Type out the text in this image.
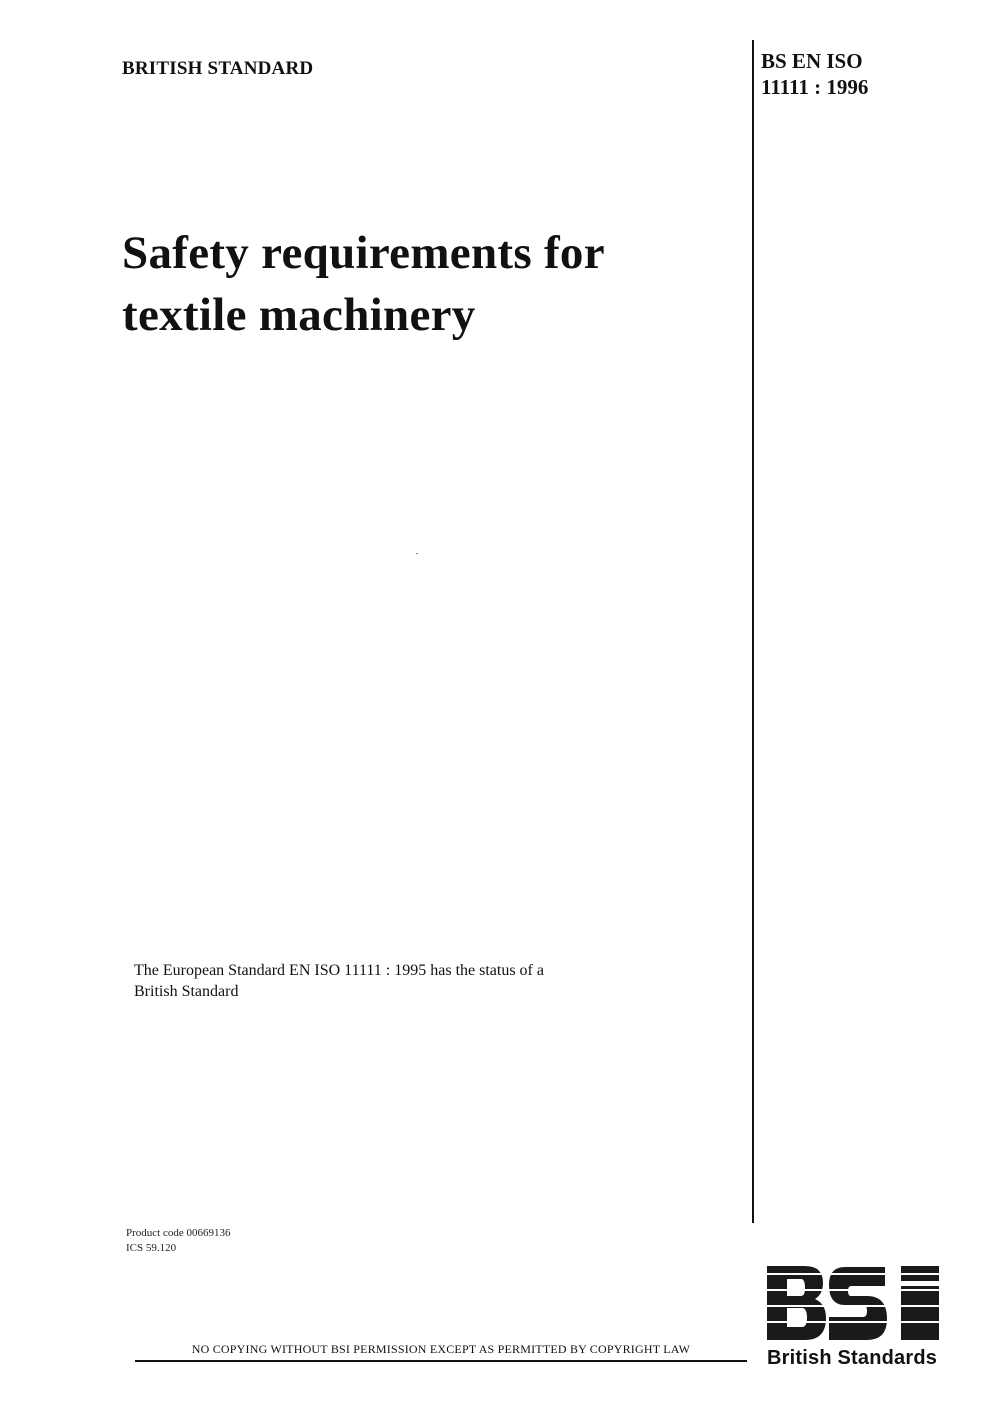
BRITISH STANDARD	BS EN ISO
11111 : 1996
Safety requirements for
textile machinery
The European Standard EN ISO 11111 : 1995 has the status of a
British Standard
Product code 00669136
ICS 59.120
NO COPYING WITHOUT BSI PERMISSION EXCEPT AS PERMITTED BY COPYRIGHT LAW	British Standards
